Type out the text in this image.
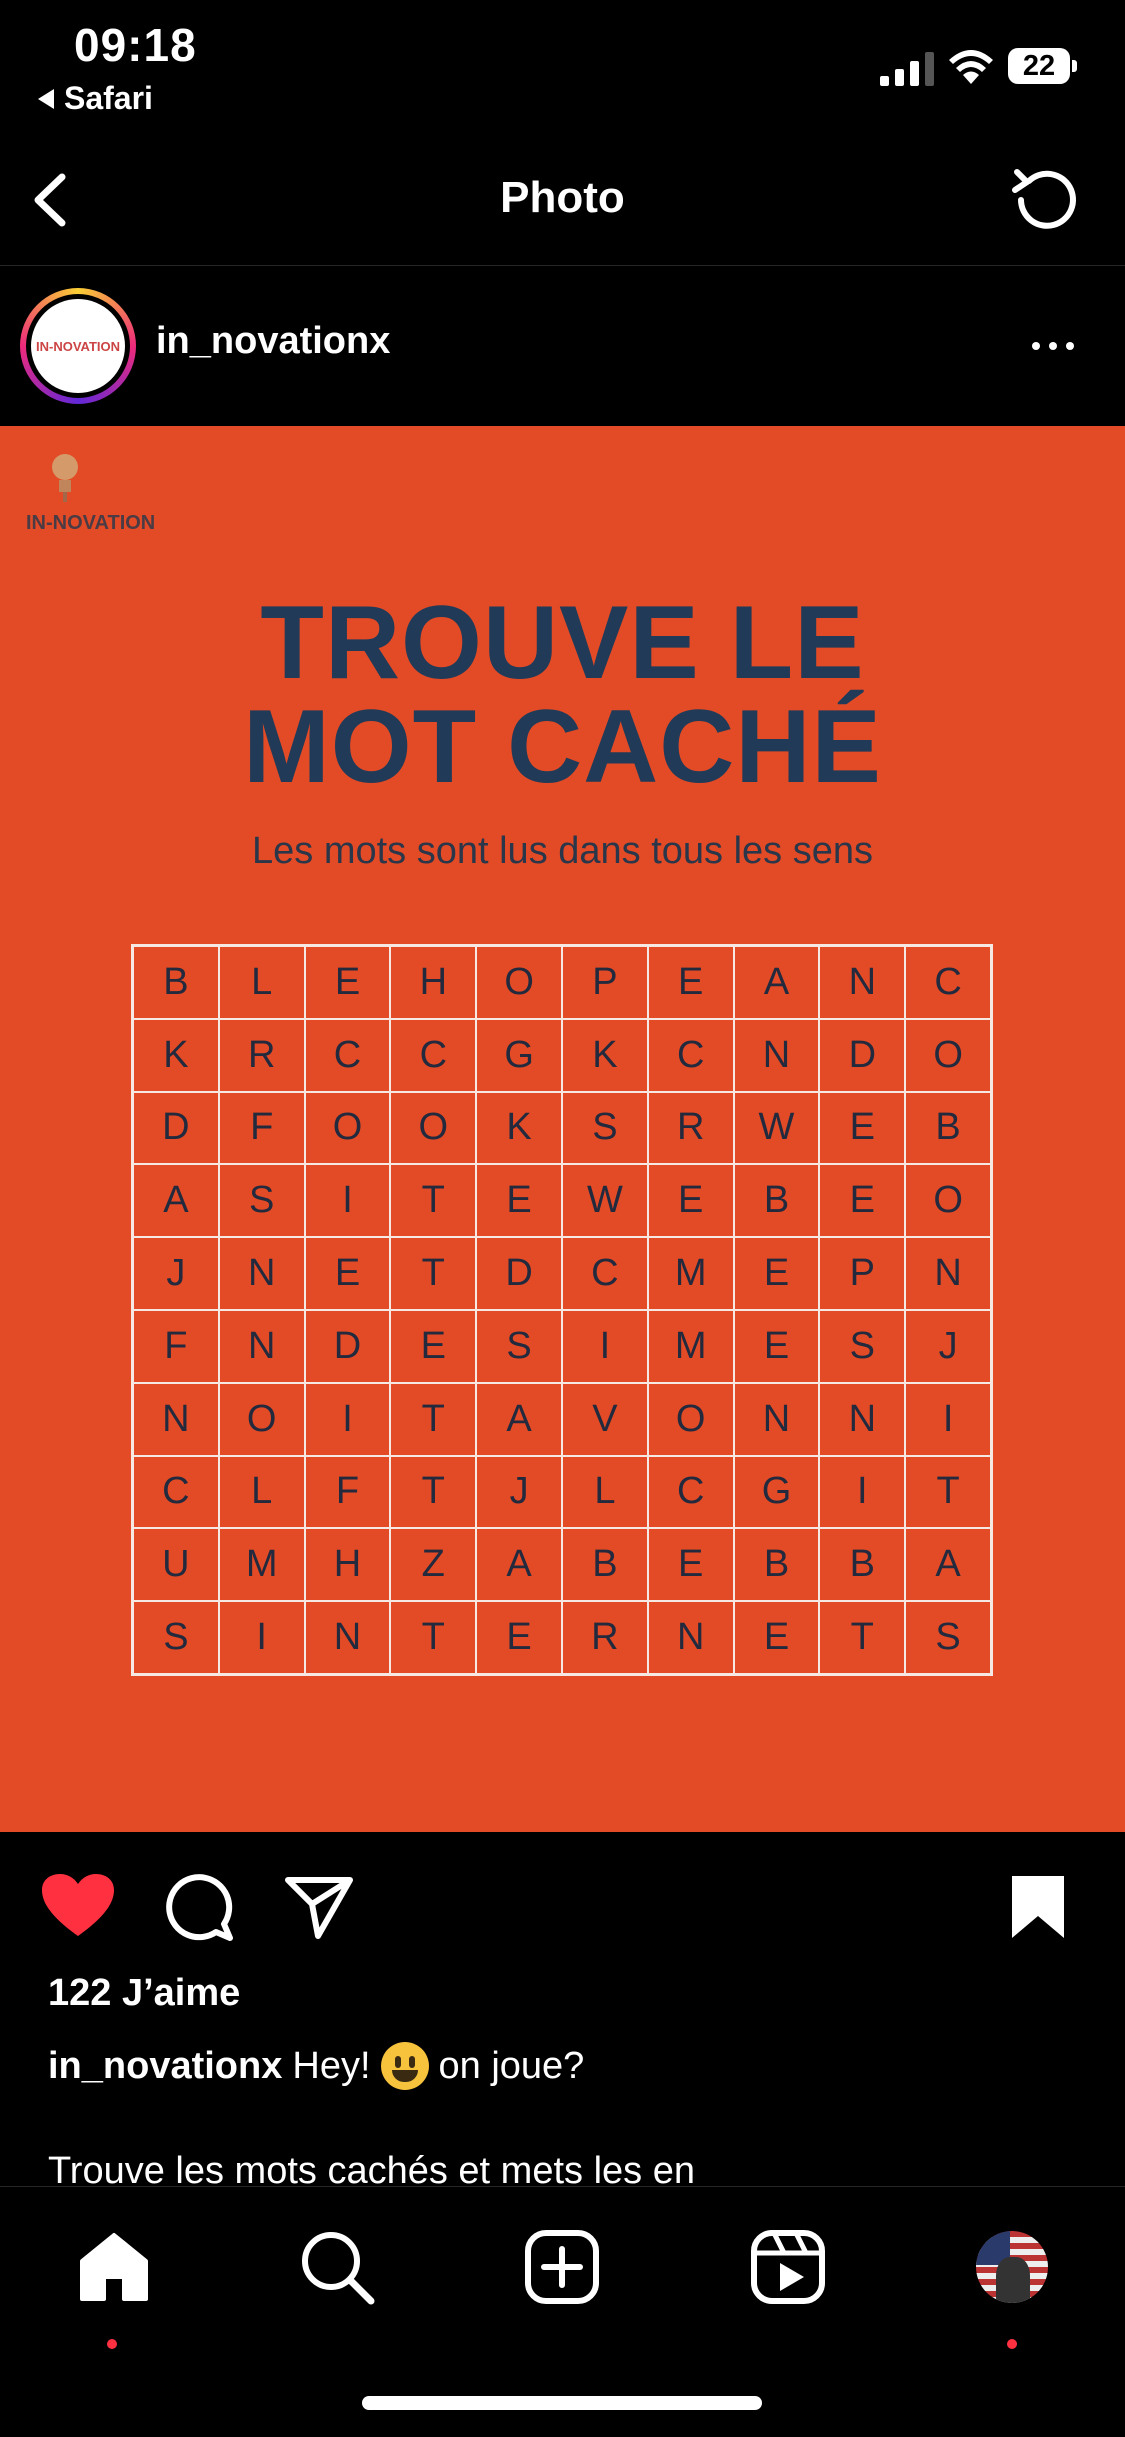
09:18
Safari
22
Photo
IN-NOVATION in_novationx
IN-NOVATION
TROUVE LE
MOT CACHÉ
Les mots sont lus dans tous les sens
B	L	E	H	O	P	E	A	N	C
K	R	C	C	G	K	C	N	D	O
D	F	O	O	K	S	R	W	E	B
A	S	I	T	E	W	E	B	E	O
J	N	E	T	D	C	M	E	P	N
F	N	D	E	S	I	M	E	S	J
N	O	I	T	A	V	O	N	N	I
C	L	F	T	J	L	C	G	I	T
U	M	H	Z	A	B	E	B	B	A
S	I	N	T	E	R	N	E	T	S
122 J’aime
in_novationx Hey! on joue?
Trouve les mots cachés et mets les en
